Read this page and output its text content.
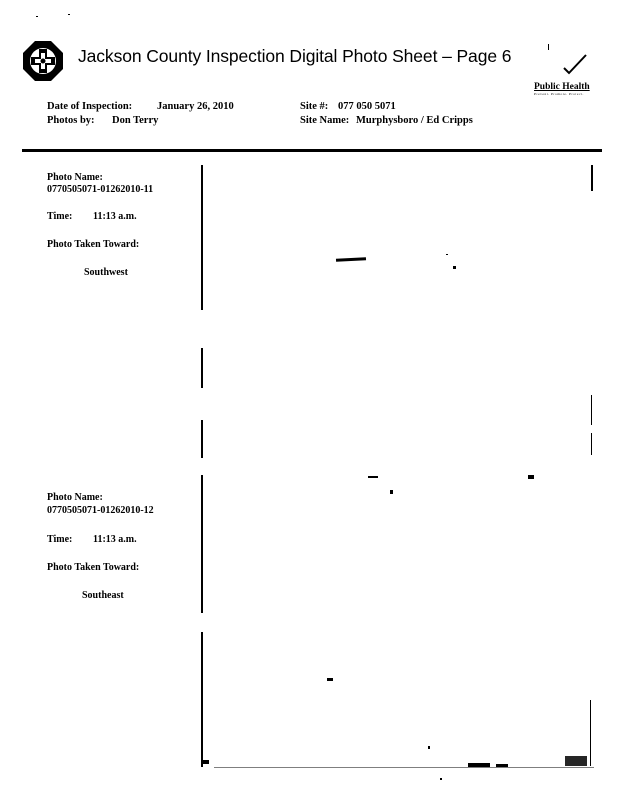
Jackson County Inspection Digital Photo Sheet – Page 6
Public Health
Prevent. Promote. Protect.
Date of Inspection: January 26, 2010
Photos by: Don Terry
Site #: 077 050 5071
Site Name: Murphysboro / Ed Cripps
Photo Name:
0770505071-01262010-11
Time: 11:13 a.m.
Photo Taken Toward:
Southwest
Photo Name:
0770505071-01262010-12
Time: 11:13 a.m.
Photo Taken Toward:
Southeast
